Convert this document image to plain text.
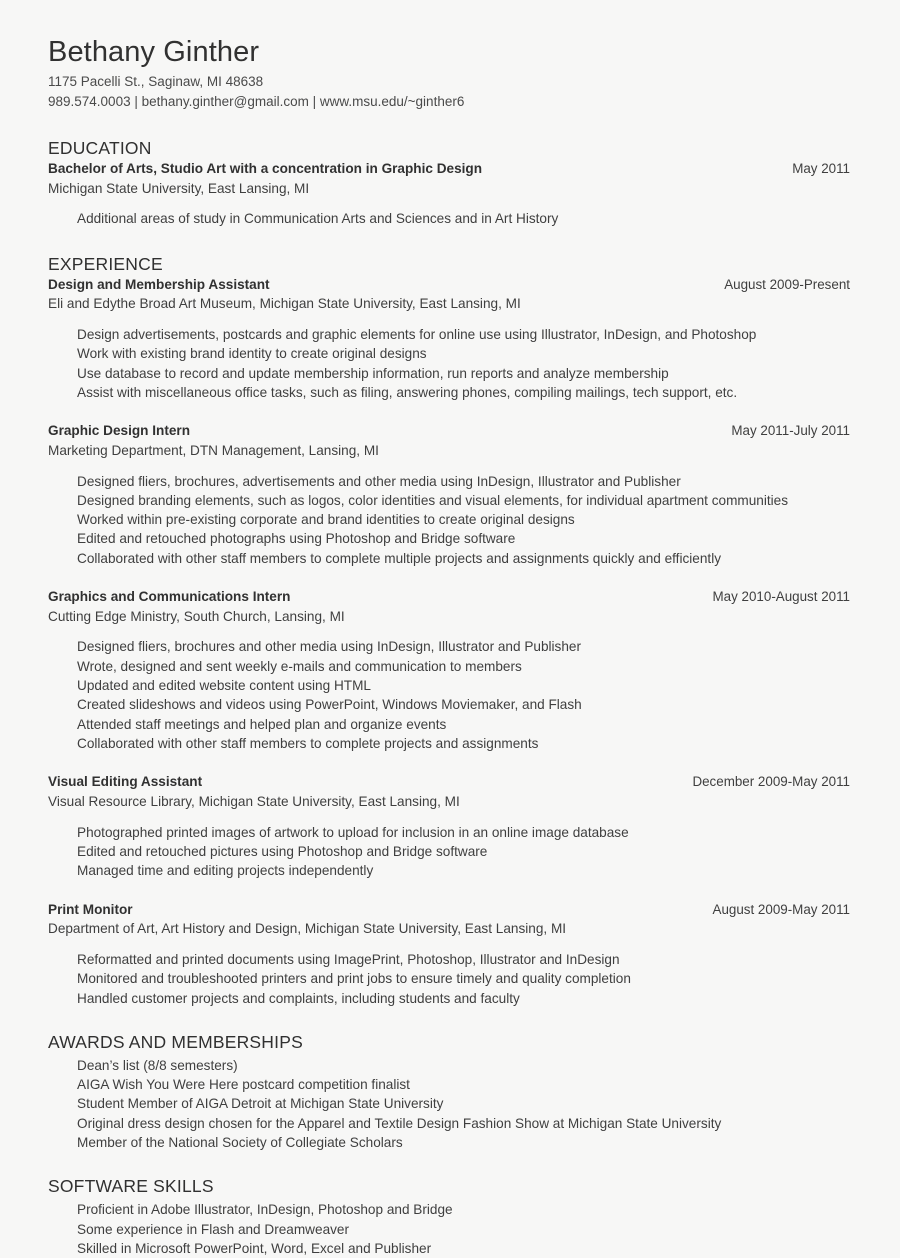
Bethany Ginther
1175 Pacelli St., Saginaw, MI 48638
989.574.0003 | bethany.ginther@gmail.com | www.msu.edu/~ginther6
EDUCATION
Bachelor of Arts, Studio Art with a concentration in Graphic Design	May 2011
Michigan State University, East Lansing, MI
Additional areas of study in Communication Arts and Sciences and in Art History
EXPERIENCE
Design and Membership Assistant	August 2009-Present
Eli and Edythe Broad Art Museum, Michigan State University, East Lansing, MI
Design advertisements, postcards and graphic elements for online use using Illustrator, InDesign, and Photoshop
Work with existing brand identity to create original designs
Use database to record and update membership information, run reports and analyze membership
Assist with miscellaneous office tasks, such as filing, answering phones, compiling mailings, tech support, etc.
Graphic Design Intern	May 2011-July 2011
Marketing Department, DTN Management, Lansing, MI
Designed fliers, brochures, advertisements and other media using InDesign, Illustrator and Publisher
Designed branding elements, such as logos, color identities and visual elements, for individual apartment communities
Worked within pre-existing corporate and brand identities to create original designs
Edited and retouched photographs using Photoshop and Bridge software
Collaborated with other staff members to complete multiple projects and assignments quickly and efficiently
Graphics and Communications Intern	May 2010-August 2011
Cutting Edge Ministry, South Church, Lansing, MI
Designed fliers, brochures and other media using InDesign, Illustrator and Publisher
Wrote, designed and sent weekly e-mails and communication to members
Updated and edited website content using HTML
Created slideshows and videos using PowerPoint, Windows Moviemaker, and Flash
Attended staff meetings and helped plan and organize events
Collaborated with other staff members to complete projects and assignments
Visual Editing Assistant	December 2009-May 2011
Visual Resource Library, Michigan State University, East Lansing, MI
Photographed printed images of artwork to upload for inclusion in an online image database
Edited and retouched pictures using Photoshop and Bridge software
Managed time and editing projects independently
Print Monitor	August 2009-May 2011
Department of Art, Art History and Design, Michigan State University, East Lansing, MI
Reformatted and printed documents using ImagePrint, Photoshop, Illustrator and InDesign
Monitored and troubleshooted printers and print jobs to ensure timely and quality completion
Handled customer projects and complaints, including students and faculty
AWARDS AND MEMBERSHIPS
Dean’s list (8/8 semesters)
AIGA Wish You Were Here postcard competition finalist
Student Member of AIGA Detroit at Michigan State University
Original dress design chosen for the Apparel and Textile Design Fashion Show at Michigan State University
Member of the National Society of Collegiate Scholars
SOFTWARE SKILLS
Proficient in Adobe Illustrator, InDesign, Photoshop and Bridge
Some experience in Flash and Dreamweaver
Skilled in Microsoft PowerPoint, Word, Excel and Publisher
